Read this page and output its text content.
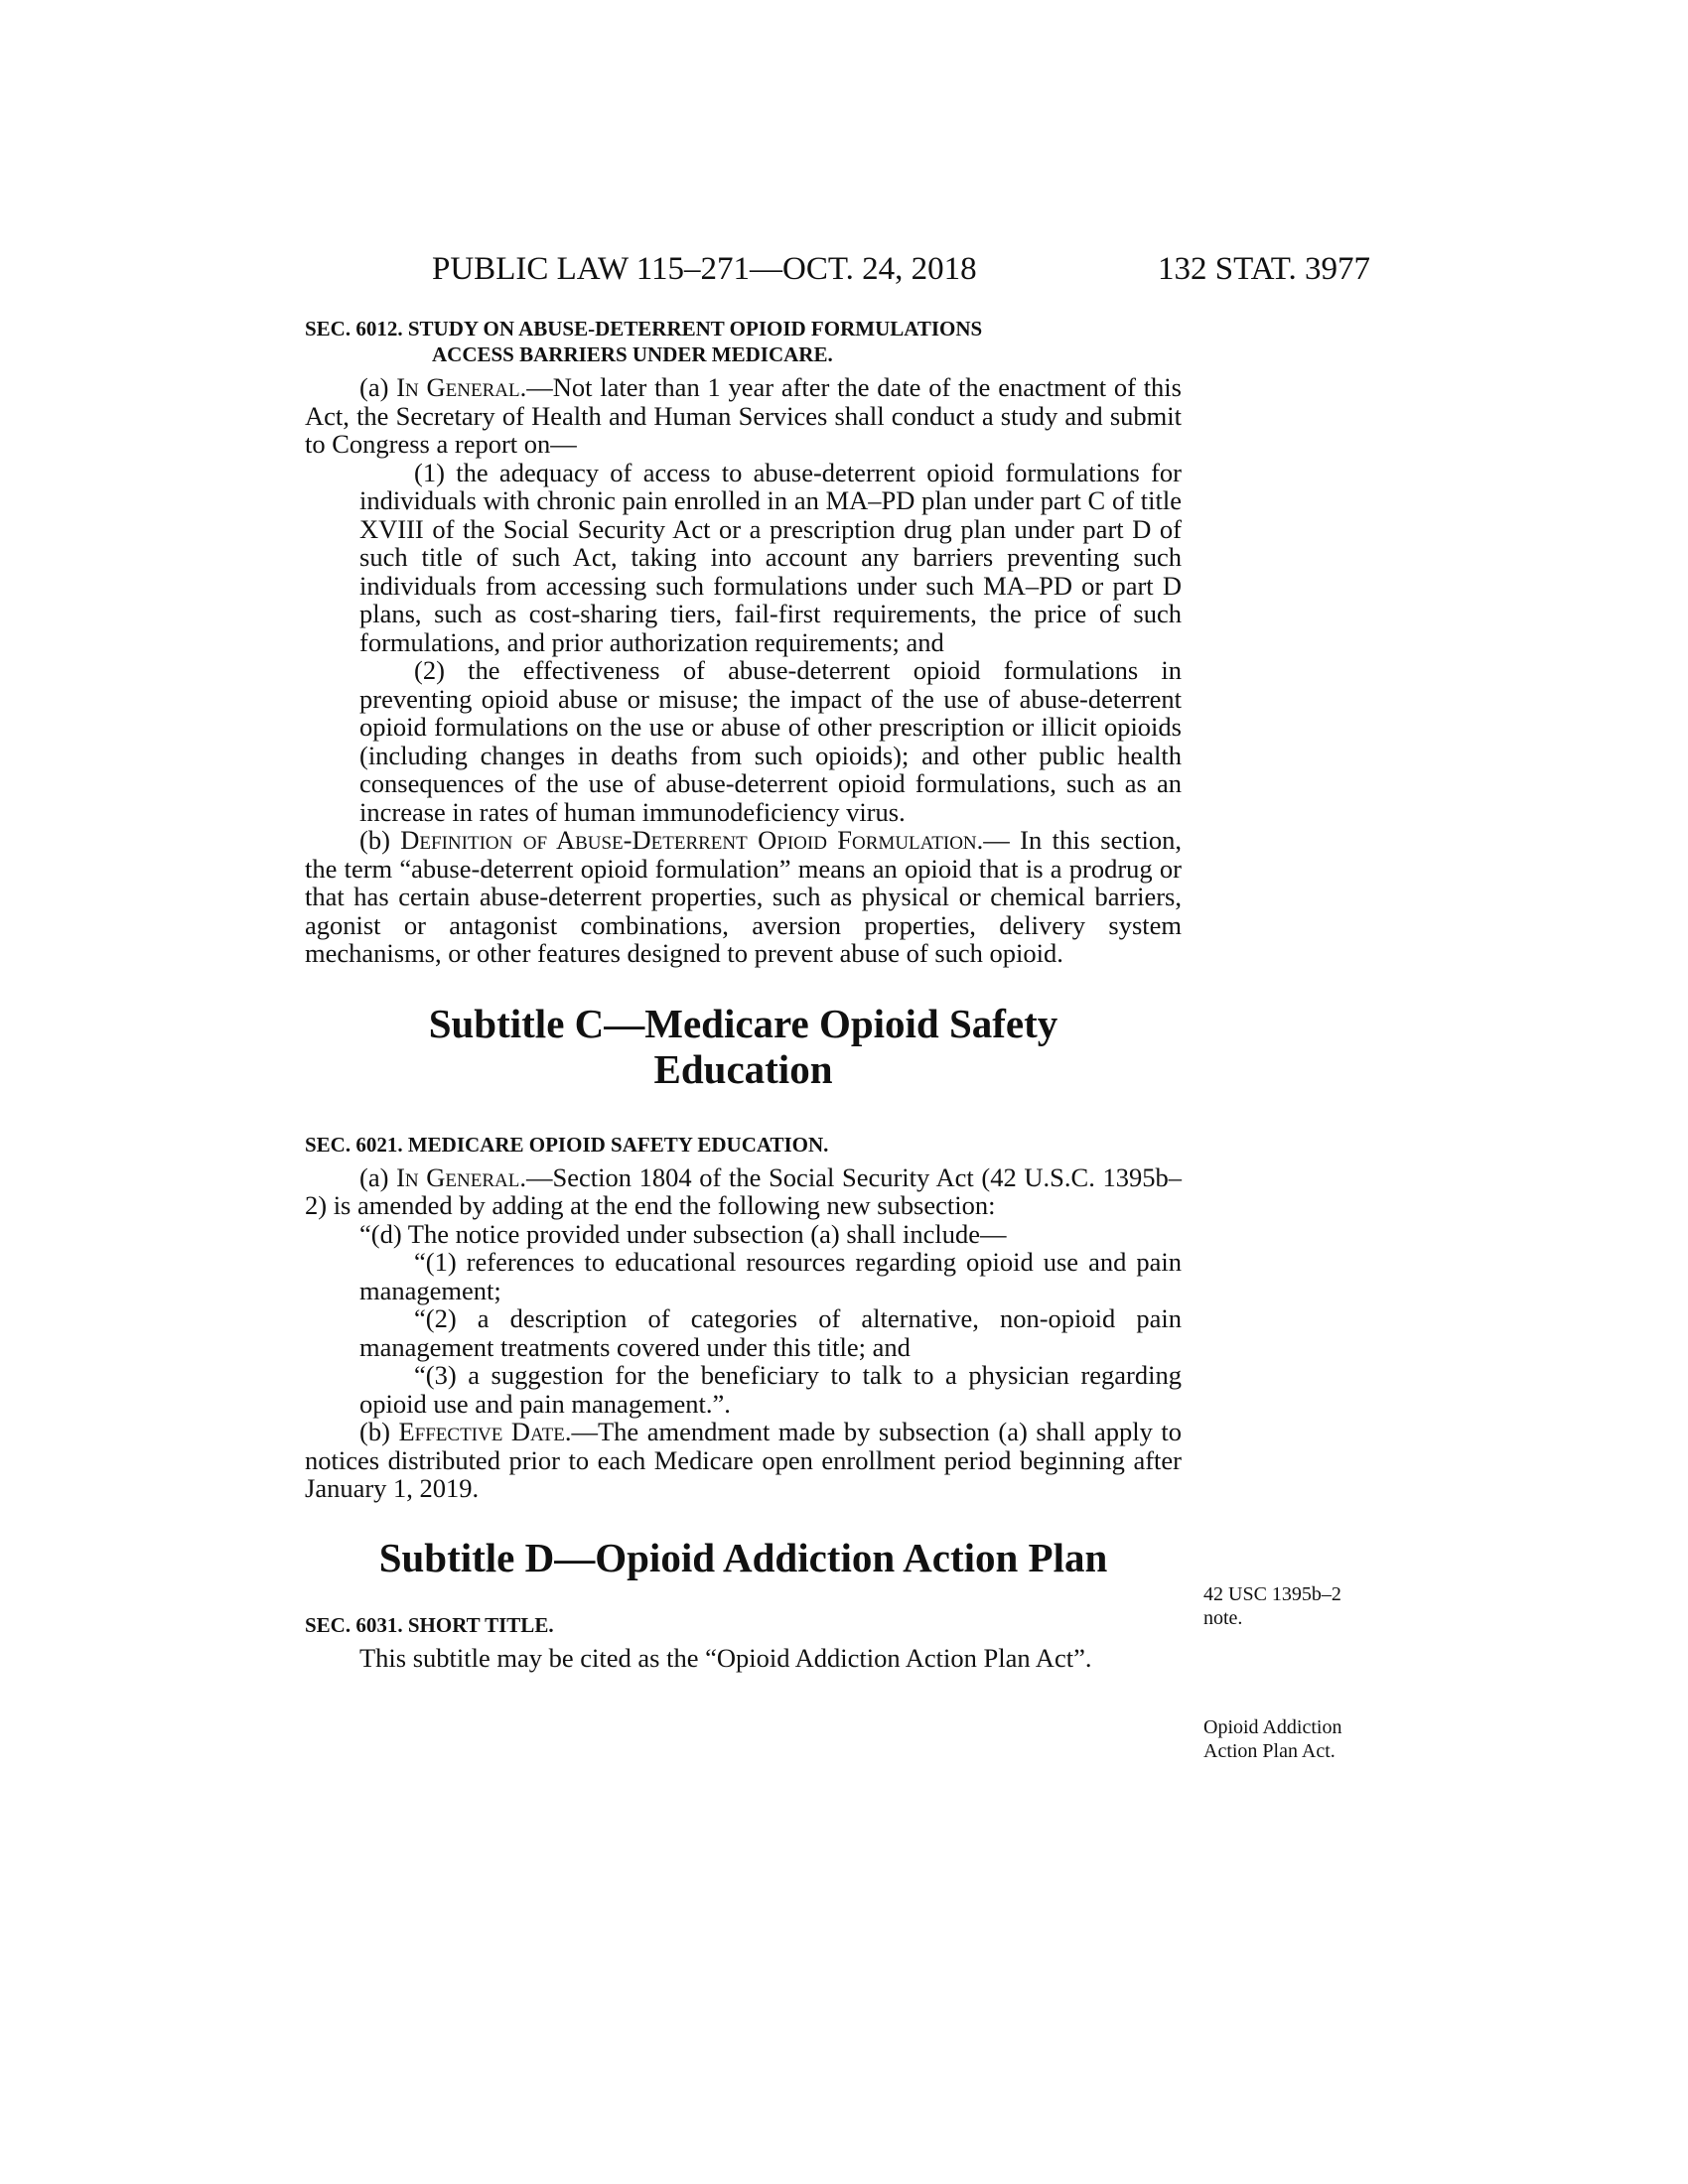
PUBLIC LAW 115–271—OCT. 24, 2018	132 STAT. 3977

SEC. 6012. STUDY ON ABUSE-DETERRENT OPIOID FORMULATIONS
ACCESS BARRIERS UNDER MEDICARE.

(a) In General.—Not later than 1 year after the date of the enactment of this Act, the Secretary of Health and Human Services shall conduct a study and submit to Congress a report on—

(1) the adequacy of access to abuse-deterrent opioid formulations for individuals with chronic pain enrolled in an MA–PD plan under part C of title XVIII of the Social Security Act or a prescription drug plan under part D of such title of such Act, taking into account any barriers preventing such individuals from accessing such formulations under such MA–PD or part D plans, such as cost-sharing tiers, fail-first requirements, the price of such formulations, and prior authorization requirements; and

(2) the effectiveness of abuse-deterrent opioid formulations in preventing opioid abuse or misuse; the impact of the use of abuse-deterrent opioid formulations on the use or abuse of other prescription or illicit opioids (including changes in deaths from such opioids); and other public health consequences of the use of abuse-deterrent opioid formulations, such as an increase in rates of human immunodeficiency virus.

(b) Definition of Abuse-Deterrent Opioid Formulation.— In this section, the term “abuse-deterrent opioid formulation” means an opioid that is a prodrug or that has certain abuse-deterrent properties, such as physical or chemical barriers, agonist or antagonist combinations, aversion properties, delivery system mechanisms, or other features designed to prevent abuse of such opioid.

Subtitle C—Medicare Opioid Safety
Education

SEC. 6021. MEDICARE OPIOID SAFETY EDUCATION.

(a) In General.—Section 1804 of the Social Security Act (42 U.S.C. 1395b–2) is amended by adding at the end the following new subsection:

“(d) The notice provided under subsection (a) shall include—

“(1) references to educational resources regarding opioid use and pain management;

“(2) a description of categories of alternative, non-opioid pain management treatments covered under this title; and

“(3) a suggestion for the beneficiary to talk to a physician regarding opioid use and pain management.”.

(b) Effective Date.—The amendment made by subsection (a) shall apply to notices distributed prior to each Medicare open enrollment period beginning after January 1, 2019.

Subtitle D—Opioid Addiction Action Plan

SEC. 6031. SHORT TITLE.

This subtitle may be cited as the “Opioid Addiction Action Plan Act”.

42 USC 1395b–2
note.
Opioid Addiction
Action Plan Act.
